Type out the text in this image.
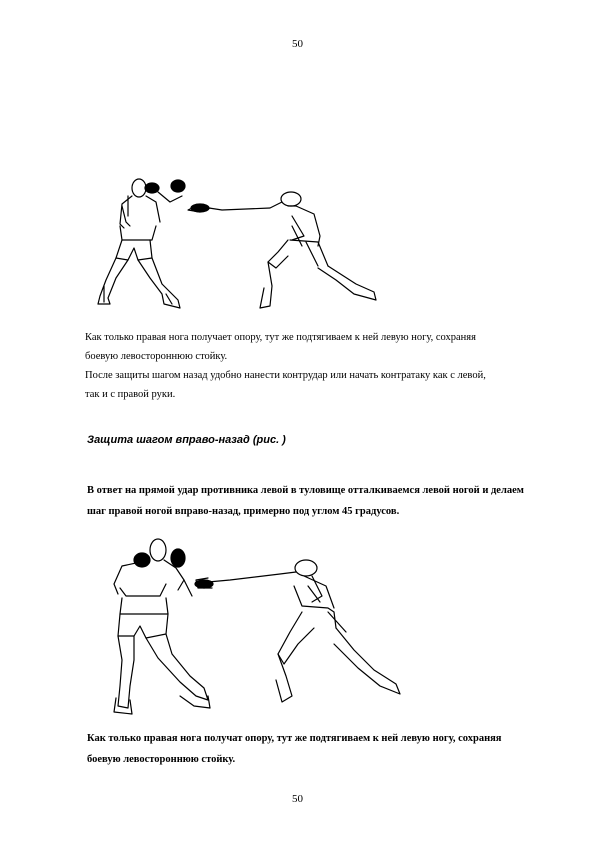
50
Как только правая нога получает опору, тут же подтягиваем к ней левую ногу, сохраняя
боевую левостороннюю стойку.
После защиты шагом назад удобно нанести контрудар или начать контратаку как с левой,
так и с правой руки.
Защита шагом вправо-назад (рис. )
В ответ на прямой удар противника левой в туловище отталкиваемся левой ногой и делаем
шаг правой ногой вправо-назад, примерно под углом 45 градусов.
Как только правая нога получат опору, тут же подтягиваем к ней левую ногу, сохраняя
боевую левостороннюю стойку.
50
